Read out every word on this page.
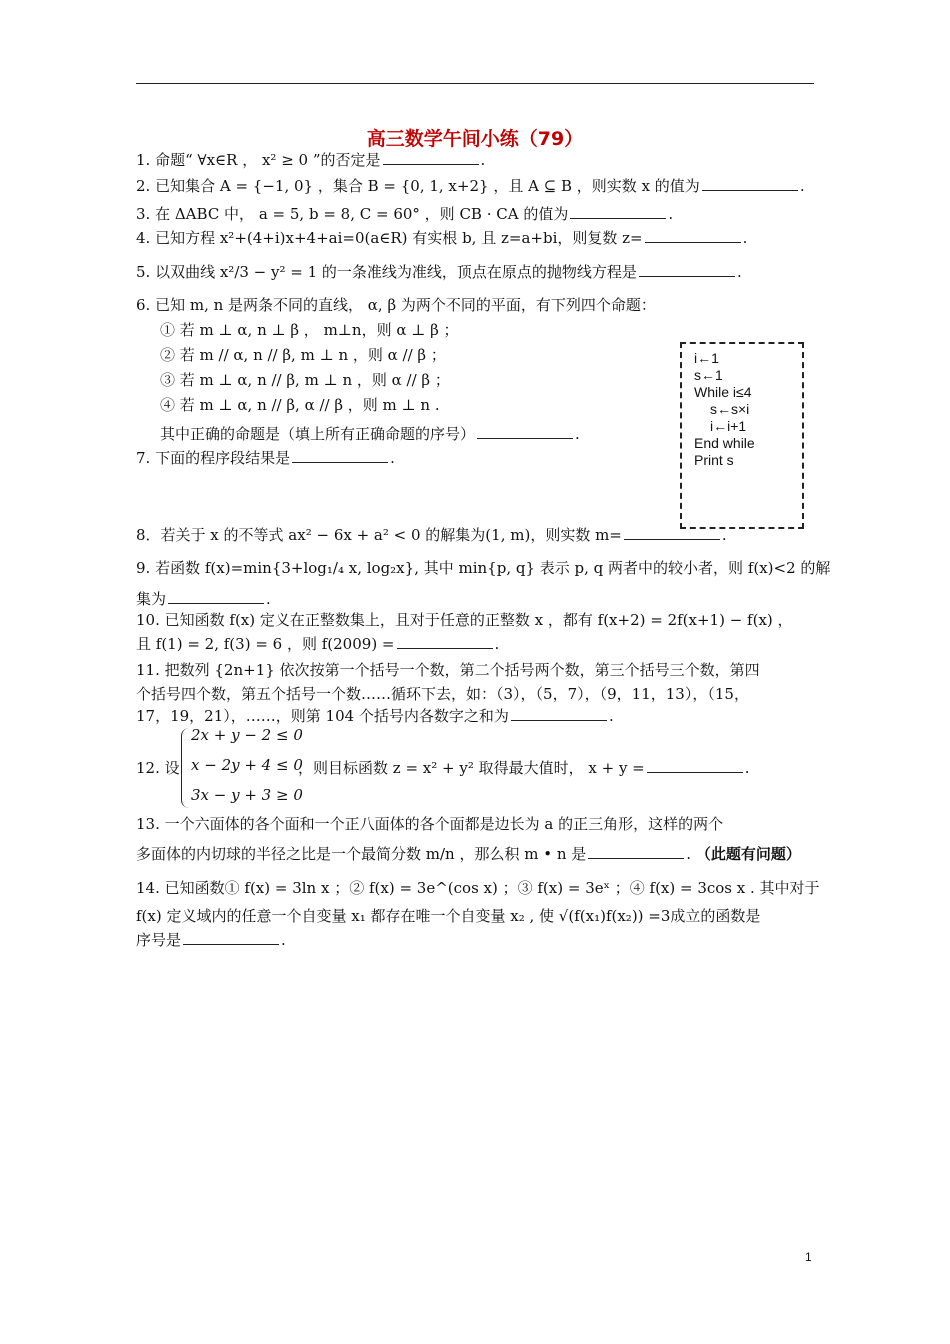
高三数学午间小练（79）
1. 命题“ ∀x∈R ， x² ≥ 0 ”的否定是	.
2. 已知集合 A = {−1, 0} ，集合 B = {0, 1, x+2} ，且 A ⊆ B ，则实数 x 的值为	.
3. 在 ΔABC 中， a = 5, b = 8, C = 60° ，则 CB · CA 的值为	.
4. 已知方程 x²+(4+i)x+4+ai=0(a∈R) 有实根 b, 且 z=a+bi，则复数 z=	.
5. 以双曲线 x²/3 − y² = 1 的一条准线为准线，顶点在原点的抛物线方程是	.
6. 已知 m, n 是两条不同的直线， α, β 为两个不同的平面，有下列四个命题：
① 若 m ⊥ α, n ⊥ β ， m⊥n，则 α ⊥ β ；
② 若 m // α, n // β, m ⊥ n ，则 α // β ；
③ 若 m ⊥ α, n // β, m ⊥ n ，则 α // β ；
④ 若 m ⊥ α, n // β, α // β ，则 m ⊥ n .
其中正确的命题是（填上所有正确命题的序号）	.
7. 下面的程序段结果是	.
i←1
s←1
While i≤4
s←s×i
i←i+1
End while
Print s
8．若关于 x 的不等式 ax² − 6x + a² < 0 的解集为(1, m)，则实数 m=	.
9. 若函数 f(x)=min{3+log₁/₄ x, log₂x}, 其中 min{p, q} 表示 p, q 两者中的较小者，则 f(x)<2 的解
集为	.
10. 已知函数 f(x) 定义在正整数集上，且对于任意的正整数 x ，都有 f(x+2) = 2f(x+1) − f(x) ，
且 f(1) = 2, f(3) = 6 ，则 f(2009) =	.
11. 把数列 {2n+1} 依次按第一个括号一个数，第二个括号两个数，第三个括号三个数，第四
个括号四个数，第五个括号一个数……循环下去，如：（3），（5，7），（9，11，13），（15，
17，19，21），……，则第 104 个括号内各数字之和为	.
12. 设
2x + y − 2 ≤ 0
x − 2y + 4 ≤ 0
3x − y + 3 ≥ 0
，则目标函数 z = x² + y² 取得最大值时， x + y =	.
13. 一个六面体的各个面和一个正八面体的各个面都是边长为 a 的正三角形，这样的两个
多面体的内切球的半径之比是一个最简分数 m/n ，那么积 m • n 是	. （此题有问题）
14. 已知函数① f(x) = 3ln x ；② f(x) = 3e^(cos x) ；③ f(x) = 3eˣ ；④ f(x) = 3cos x . 其中对于
f(x) 定义域内的任意一个自变量 x₁ 都存在唯一个自变量 x₂ , 使 √(f(x₁)f(x₂)) =3成立的函数是
序号是	.
1
